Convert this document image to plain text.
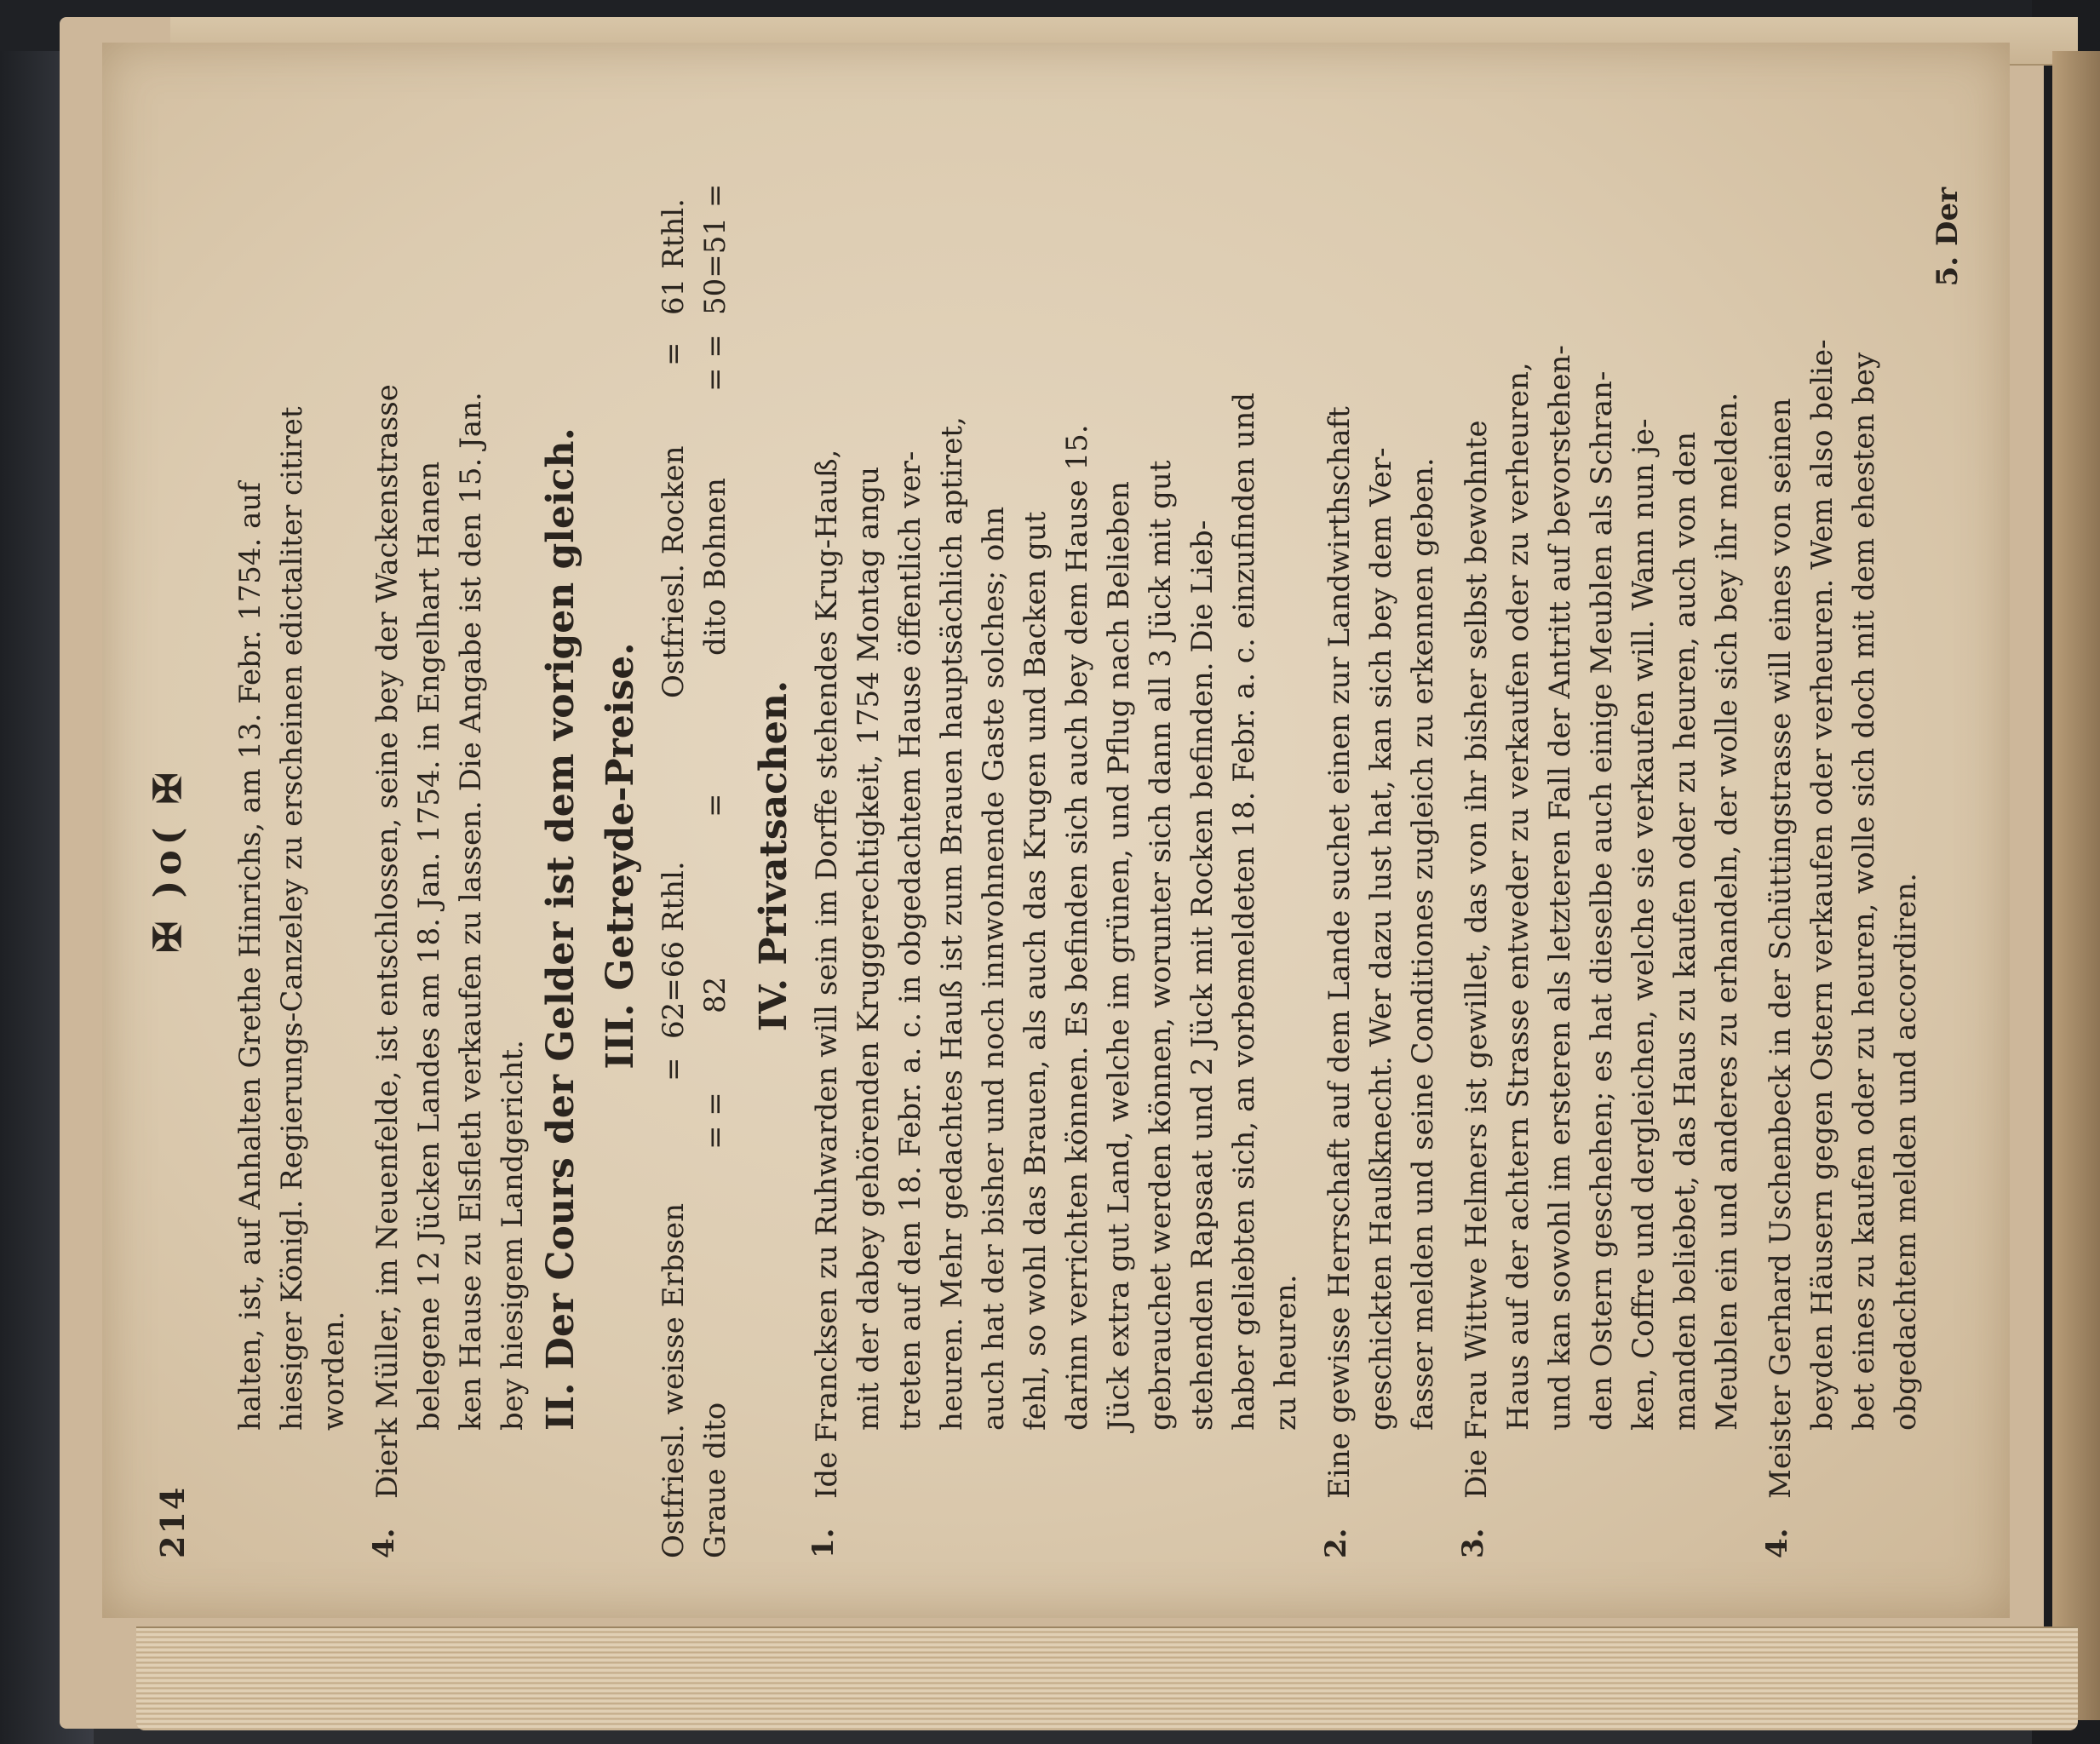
214
✠ )o( ✠ halten, ist, auf Anhalten Grethe Hinrichs, am 13. Febr. 1754. auf hiesiger Königl. Regierungs-Canzeley zu erscheinen edictaliter citiret worden.
4.
Dierk Müller, im Neuenfelde, ist entschlossen, seine bey der Wackenstrasse belegene 12 Jücken Landes am 18. Jan. 1754. in Engelhart Hanen ken Hause zu Elsfleth verkaufen zu lassen. Die Angabe ist den 15. Jan. bey hiesigem Landgericht. II. Der Cours der Gelder ist dem vorigen gleich. III. Getreyde-Preise.
Ostfriesl. weisse Erbsen
=
62=66 Rthl.
Ostfriesl. Rocken
=
61 Rthl.
Graue dito
= =
82
=
dito Bohnen
= =
50=51 =
IV. Privatsachen.
1.
Ide Francksen zu Ruhwarden will sein im Dorffe stehendes Krug-Hauß, mit der dabey gehörenden Kruggerechtigkeit, 1754 Montag angu treten auf den 18. Febr. a. c. in obgedachtem Hause öffentlich ver- heuren. Mehr gedachtes Hauß ist zum Brauen hauptsächlich aptiret, auch hat der bisher und noch innwohnende Gaste solches; ohn fehl, so wohl das Brauen, als auch das Krugen und Backen gut darinn verrichten können. Es befinden sich auch bey dem Hause 15. Jück extra gut Land, welche im grünen, und Pflug nach Belieben gebrauchet werden können, worunter sich dann all 3 Jück mit gut stehenden Rapsaat und 2 Jück mit Rocken befinden. Die Lieb- haber geliebten sich, an vorbemeldeten 18. Febr. a. c. einzufinden und zu heuren.
2.
Eine gewisse Herrschaft auf dem Lande suchet einen zur Landwirthschaft geschickten Haußknecht. Wer dazu lust hat, kan sich bey dem Ver- fasser melden und seine Conditiones zugleich zu erkennen geben.
3.
Die Frau Wittwe Helmers ist gewillet, das von ihr bisher selbst bewohnte Haus auf der achtern Strasse entweder zu verkaufen oder zu verheuren, und kan sowohl im ersteren als letzteren Fall der Antritt auf bevorstehen- den Ostern geschehen; es hat dieselbe auch einige Meublen als Schran- ken, Coffre und dergleichen, welche sie verkaufen will. Wann nun je- manden beliebet, das Haus zu kaufen oder zu heuren, auch von den Meublen ein und anderes zu erhandeln, der wolle sich bey ihr melden.
4.
Meister Gerhard Uschenbeck in der Schüttingstrasse will eines von seinen beyden Häusern gegen Ostern verkaufen oder verheuren. Wem also belie- bet eines zu kaufen oder zu heuren, wolle sich doch mit dem ehesten bey obgedachtem melden und accordiren.
5. Der
